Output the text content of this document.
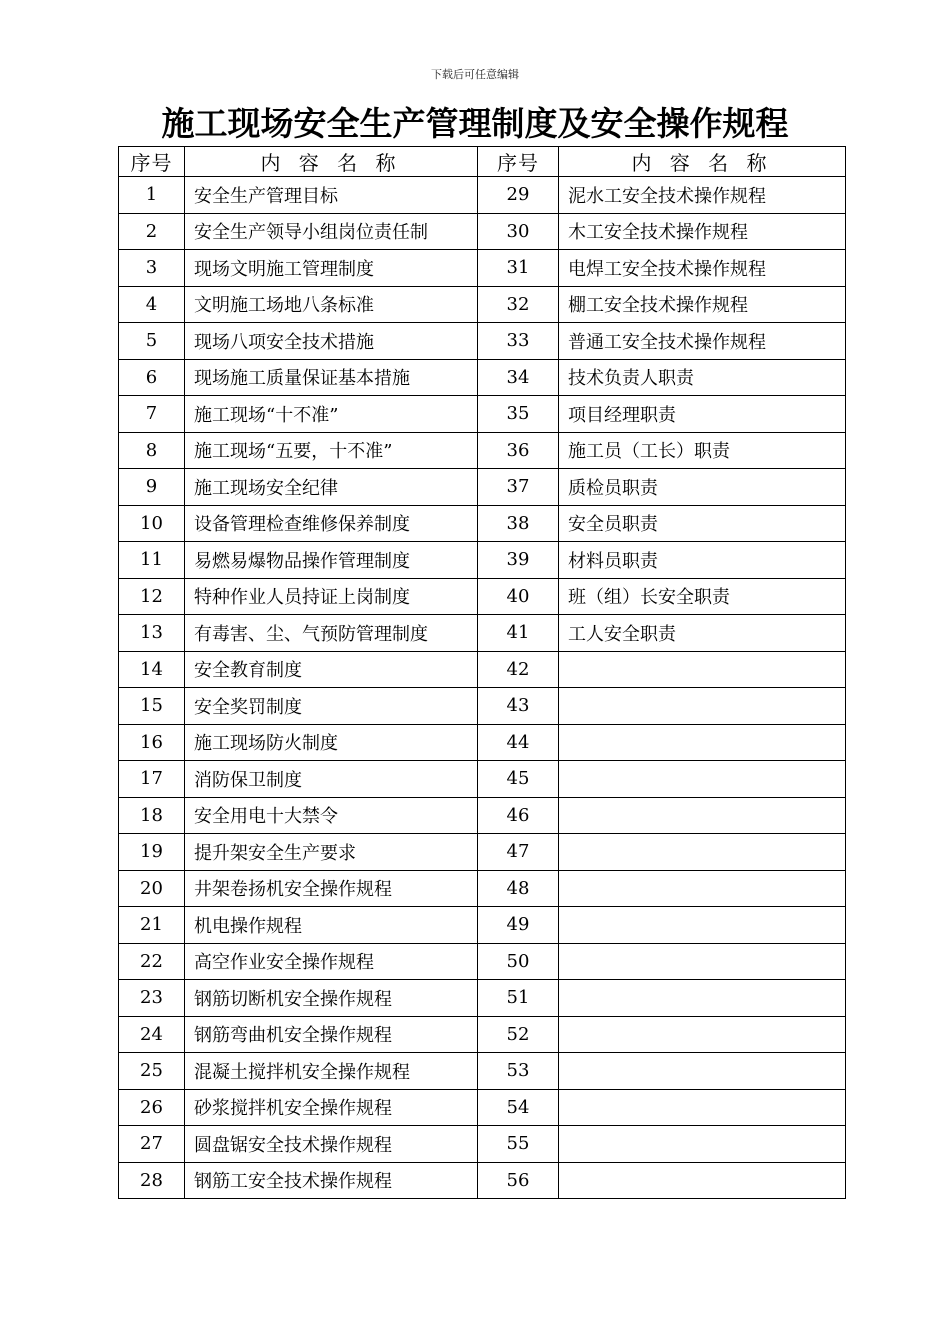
下载后可任意编辑
施工现场安全生产管理制度及安全操作规程
序号	内 容 名 称	序号	内 容 名 称
1	安全生产管理目标	29	泥水工安全技术操作规程
2	安全生产领导小组岗位责任制	30	木工安全技术操作规程
3	现场文明施工管理制度	31	电焊工安全技术操作规程
4	文明施工场地八条标准	32	棚工安全技术操作规程
5	现场八项安全技术措施	33	普通工安全技术操作规程
6	现场施工质量保证基本措施	34	技术负责人职责
7	施工现场“十不准”	35	项目经理职责
8	施工现场“五要，十不准”	36	施工员（工长）职责
9	施工现场安全纪律	37	质检员职责
10	设备管理检查维修保养制度	38	安全员职责
11	易燃易爆物品操作管理制度	39	材料员职责
12	特种作业人员持证上岗制度	40	班（组）长安全职责
13	有毒害、尘、气预防管理制度	41	工人安全职责
14	安全教育制度	42	
15	安全奖罚制度	43	
16	施工现场防火制度	44	
17	消防保卫制度	45	
18	安全用电十大禁令	46	
19	提升架安全生产要求	47	
20	井架卷扬机安全操作规程	48	
21	机电操作规程	49	
22	高空作业安全操作规程	50	
23	钢筋切断机安全操作规程	51	
24	钢筋弯曲机安全操作规程	52	
25	混凝土搅拌机安全操作规程	53	
26	砂浆搅拌机安全操作规程	54	
27	圆盘锯安全技术操作规程	55	
28	钢筋工安全技术操作规程	56	
